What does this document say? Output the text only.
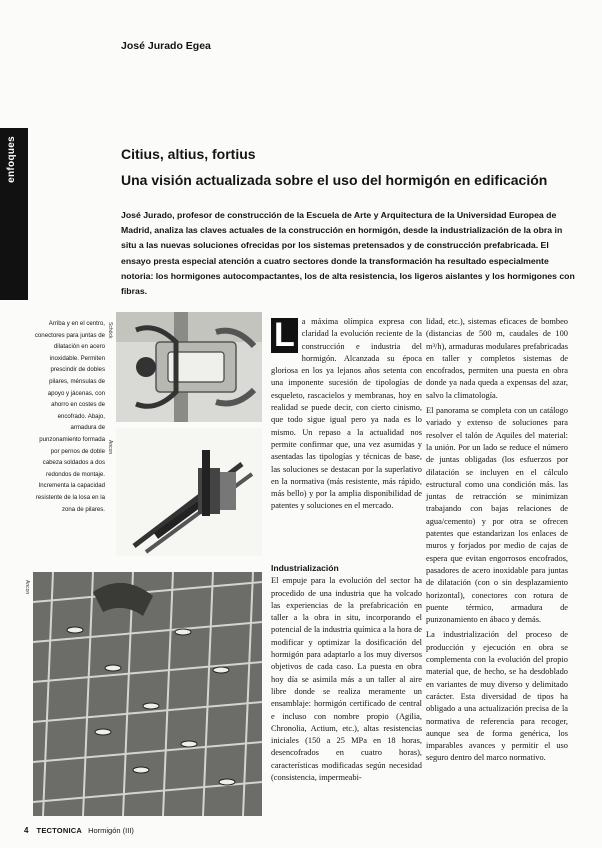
José Jurado Egea
enfoques	Citius, altius, fortius
Una visión actualizada sobre el uso del hormigón en edificación
José Jurado, profesor de construcción de la Escuela de Arte y Arquitectura de la Universidad Europea de Madrid, analiza las claves actuales de la construcción en hormigón, desde la industrialización de la obra in situ a las nuevas soluciones ofrecidas por los sistemas pretensados y de construcción prefabricada. El ensayo presta especial atención a cuatro sectores donde la transformación ha resultado especialmente notoria: los hormigones autocompactantes, los de alta resistencia, los ligeros aislantes y los hormigones con fibras.
Arriba y en el centro, conectores para juntas de dilatación en acero inoxidable. Permiten prescindir de dobles pilares, ménsulas de apoyo y jácenas, con ahorro en costes de encofrado. Abajo, armadura de punzonamiento formada por pernos de doble cabeza soldados a dos redondos de montaje. Incrementa la capacidad resistente de la losa en la zona de pilares.
Schöck
Ancon
Ancon

L a máxima olímpica expresa con claridad la evolución reciente de la construcción e industria del hormigón. Alcanzada su época gloriosa en los ya lejanos años setenta con una imponente sucesión de tipologías de esqueleto, rascacielos y membranas, hoy en realidad se puede decir, con cierto cinismo, que todo sigue igual pero ya nada es lo mismo. Un repaso a la actualidad nos permite confirmar que, una vez asumidas y asentadas las tipologías y técnicas de base, las soluciones se destacan por la superlativo en la normativa (más resistente, más rápido, más bello) y por la amplia disponibilidad de patentes y soluciones en el mercado.

Industrialización

El empuje para la evolución del sector ha procedido de una industria que ha volcado las experiencias de la prefabricación en taller a la obra in situ, incorporando el potencial de la industria química a la hora de modificar y optimizar la dosificación del hormigón para adaptarlo a los muy diversos objetivos de cada caso. La puesta en obra hoy día se asimila más a un taller al aire libre donde se realiza meramente un ensamblaje: hormigón certificado de central e incluso con nombre propio (Agilia, Chronolia, Actium, etc.), altas resistencias iniciales (150 a 25 MPa en 18 horas, desencofrados en cuatro horas), características modificadas según necesidad (consistencia, impermeabi-

lidad, etc.), sistemas eficaces de bombeo (distancias de 500 m, caudales de 100 m³/h), armaduras modulares prefabricadas en taller y completos sistemas de encofrados, permiten una puesta en obra donde ya nada queda a expensas del azar, salvo la climatología.

El panorama se completa con un catálogo variado y extenso de soluciones para resolver el talón de Aquiles del material: la unión. Por un lado se reduce el número de juntas obligadas (los esfuerzos por dilatación se incluyen en el cálculo estructural como una condición más. las juntas de retracción se minimizan trabajando con bajas relaciones de agua/cemento) y por otra se ofrecen patentes que estandarizan los enlaces de muros y forjados por medio de cajas de espera que evitan engorrosos encofrados, pasadores de acero inoxidable para juntas de dilatación (con o sin desplazamiento horizontal), conectores con rotura de puente térmico, armadura de punzonamiento en ábaco y demás.

La industrialización del proceso de producción y ejecución en obra se complementa con la evolución del propio material que, de hecho, se ha desdoblado en variantes de muy diverso y delimitado carácter. Esta diversidad de tipos ha obligado a una actualización precisa de la normativa de referencia para recoger, aunque sea de forma genérica, los imparables avances y permitir el uso seguro dentro del marco normativo.

4 TECTONICA Hormigón (III)
